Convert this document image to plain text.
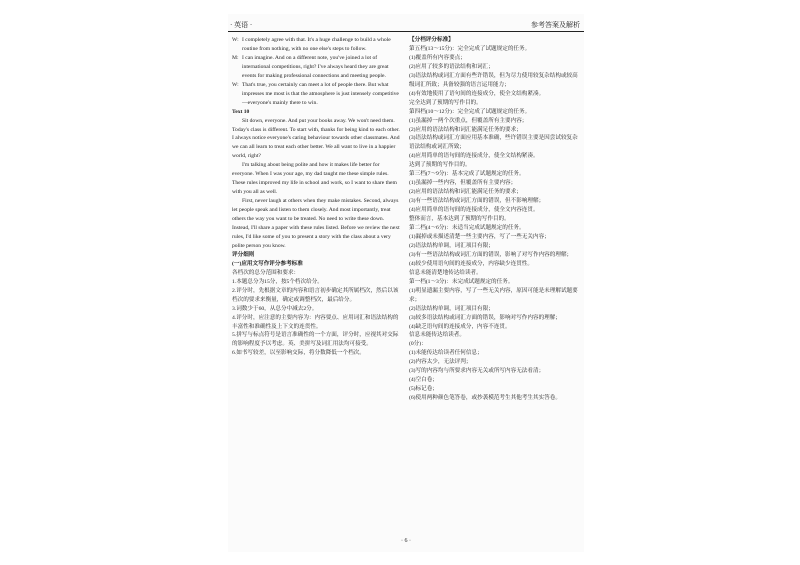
· 英语 ·	参考答案及解析
W: I completely agree with that. It's a huge challenge to build a whole routine from nothing, with no one else's steps to follow.
M: I can imagine. And on a different note, you've joined a lot of international competitions, right? I've always heard they are great events for making professional connections and meeting people.
W: That's true, you certainly can meet a lot of people there. But what impresses me most is that the atmosphere is just intensely competitive—everyone's mainly there to win.

Text 10

Sit down, everyone. And put your books away. We won't need them. Today's class is different. To start with, thanks for being kind to each other. I always notice everyone's caring behaviour towards other classmates. And we can all learn to treat each other better. We all want to live in a happier world, right?

I'm talking about being polite and how it makes life better for everyone. When I was your age, my dad taught me these simple rules. These rules improved my life in school and work, so I want to share them with you all as well.

First, never laugh at others when they make mistakes. Second, always let people speak and listen to them closely. And most importantly, treat others the way you want to be treated. No need to write these down. Instead, I'll share a paper with these rules listed. Before we review the next rules, I'd like some of you to present a story with the class about a very polite person you know.

评分细则

(一)应用文写作评分参考标准

各档次的总分范围和要求：

1.本题总分为15分，按5个档次给分。

2.评分时，先根据文章的内容和语言初步确定其所属档次，然后以该档次的要求来衡量，确定或调整档次，最后给分。

3.词数少于60，从总分中减去2分。

4.评分时，应注意的主要内容为：内容要点、应用词汇和语法结构的丰富性和准确性及上下文的连贯性。

5.拼写与标点符号是语言准确性的一个方面，评分时，应视其对交际的影响程度予以考虑。英、美拼写及词汇用法均可接受。

6.如书写较差，以至影响交际，将分数降低一个档次。

【分档评分标准】

第五档(13～15分)：完全完成了试题规定的任务。

(1)覆盖所有内容要点；

(2)应用了较多的语法结构和词汇；

(3)语法结构或词汇方面有些许错误，但为尽力使用较复杂结构或较高级词汇所致；具备较强的语言运用能力；

(4)有效地使用了语句间的连接成分，使全文结构紧凑。

完全达到了预期的写作目的。

第四档(10～12分)：完全完成了试题规定的任务。

(1)虽漏掉一两个次重点，但覆盖所有主要内容；

(2)应用的语法结构和词汇能满足任务的要求；

(3)语法结构或词汇方面应用基本准确，些许错误主要是因尝试较复杂语法结构或词汇所致；

(4)应用简单的语句间的连接成分，使全文结构紧凑。

达到了预期的写作目的。

第三档(7～9分)：基本完成了试题规定的任务。

(1)虽漏掉一些内容，但覆盖所有主要内容；

(2)应用的语法结构和词汇能满足任务的要求；

(3)有一些语法结构或词汇方面的错误，但不影响理解；

(4)应用简单的语句间的连接成分，使全文内容连贯。

整体而言，基本达到了预期的写作目的。

第二档(4～6分)：未适当完成试题规定的任务。

(1)漏掉或未描述清楚一些主要内容，写了一些无关内容；

(2)语法结构单调，词汇项目有限；

(3)有一些语法结构或词汇方面的错误，影响了对写作内容的理解；

(4)较少使用语句间的连接成分，内容缺少连贯性。

信息未能清楚地传达给读者。

第一档(1～3分)：未完成试题规定的任务。

(1)明显遗漏主要内容，写了一些无关内容，原因可能是未理解试题要求；

(2)语法结构单调，词汇项目有限；

(3)较多语法结构或词汇方面的错误，影响对写作内容的理解；

(4)缺乏语句间的连接成分，内容不连贯。

信息未能传达给读者。

(0分)：

(1)未能传达给读者任何信息；

(2)内容太少，无法评判；

(3)写的内容均与所要求内容无关或所写内容无法看清；

(4)空白卷；

(5)标记卷；

(6)使用两种颜色笔答卷，或抄袭模范考生其他考生其实答卷。

· 6 ·
